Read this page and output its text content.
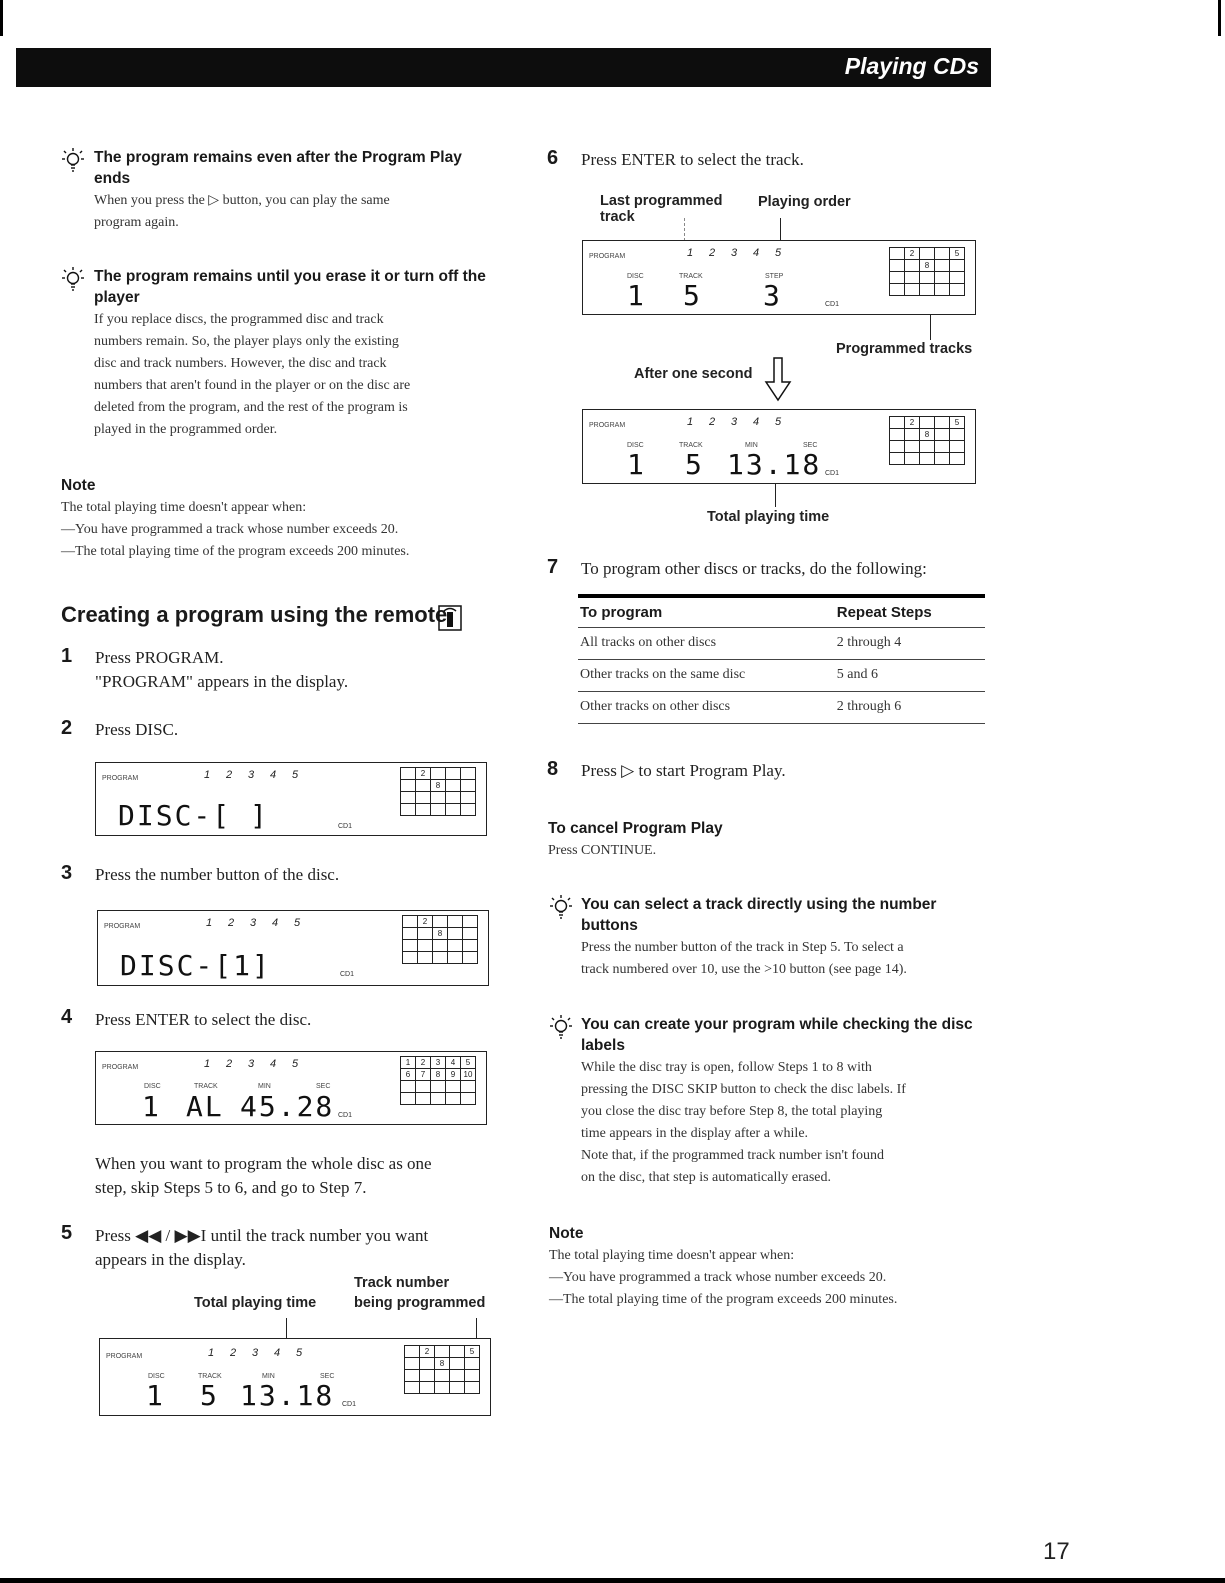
Playing CDs
The program remains even after the Program Play
ends
When you press the ▷ button, you can play the same
program again.
The program remains until you erase it or turn off the
player
If you replace discs, the programmed disc and track
numbers remain. So, the player plays only the existing
disc and track numbers. However, the disc and track
numbers that aren't found in the player or on the disc are
deleted from the program, and the rest of the program is
played in the programmed order.
Note
The total playing time doesn't appear when:
—You have programmed a track whose number exceeds 20.
—The total playing time of the program exceeds 200 minutes.
Creating a program using the remote
1 Press PROGRAM.
"PROGRAM" appears in the display.
2 Press DISC.
PROGRAM	1 2 3 4 5
DISC-[ ]	CD1
	2			
		8		

3 Press the number button of the disc.
PROGRAM	1 2 3 4 5
DISC-[1]	CD1
	2			
		8		

4 Press ENTER to select the disc.
PROGRAM	1 2 3 4 5
DISC	TRACK	MIN	SEC
1 AL 45.28 CD1
1	2	3	4	5
6	7	8	9	10

When you want to program the whole disc as one
step, skip Steps 5 to 6, and go to Step 7.
5 Press ◀◀ / ▶▶I until the track number you want
appears in the display.
Track number
Total playing time	being programmed
PROGRAM	1 2 3 4 5
DISC	TRACK	MIN	SEC
1 5 13.18 CD1
	2			5
		8		

6 Press ENTER to select the track.
Last programmed
track
Playing order
PROGRAM	1 2 3 4 5
DISC	TRACK	STEP
1 5 3	CD1
	2			5
		8		

Programmed tracks
After one second
PROGRAM	1 2 3 4 5
DISC	TRACK	MIN	SEC
1 5 13.18 CD1
	2			5
		8		

Total playing time
7 To program other discs or tracks, do the following:
To program	Repeat Steps
All tracks on other discs	2 through 4
Other tracks on the same disc	5 and 6
Other tracks on other discs	2 through 6
8 Press ▷ to start Program Play.
To cancel Program Play
Press CONTINUE.
You can select a track directly using the number
buttons
Press the number button of the track in Step 5. To select a
track numbered over 10, use the >10 button (see page 14).
You can create your program while checking the disc
labels
While the disc tray is open, follow Steps 1 to 8 with
pressing the DISC SKIP button to check the disc labels. If
you close the disc tray before Step 8, the total playing
time appears in the display after a while.
Note that, if the programmed track number isn't found
on the disc, that step is automatically erased.
Note
The total playing time doesn't appear when:
—You have programmed a track whose number exceeds 20.
—The total playing time of the program exceeds 200 minutes.
17
